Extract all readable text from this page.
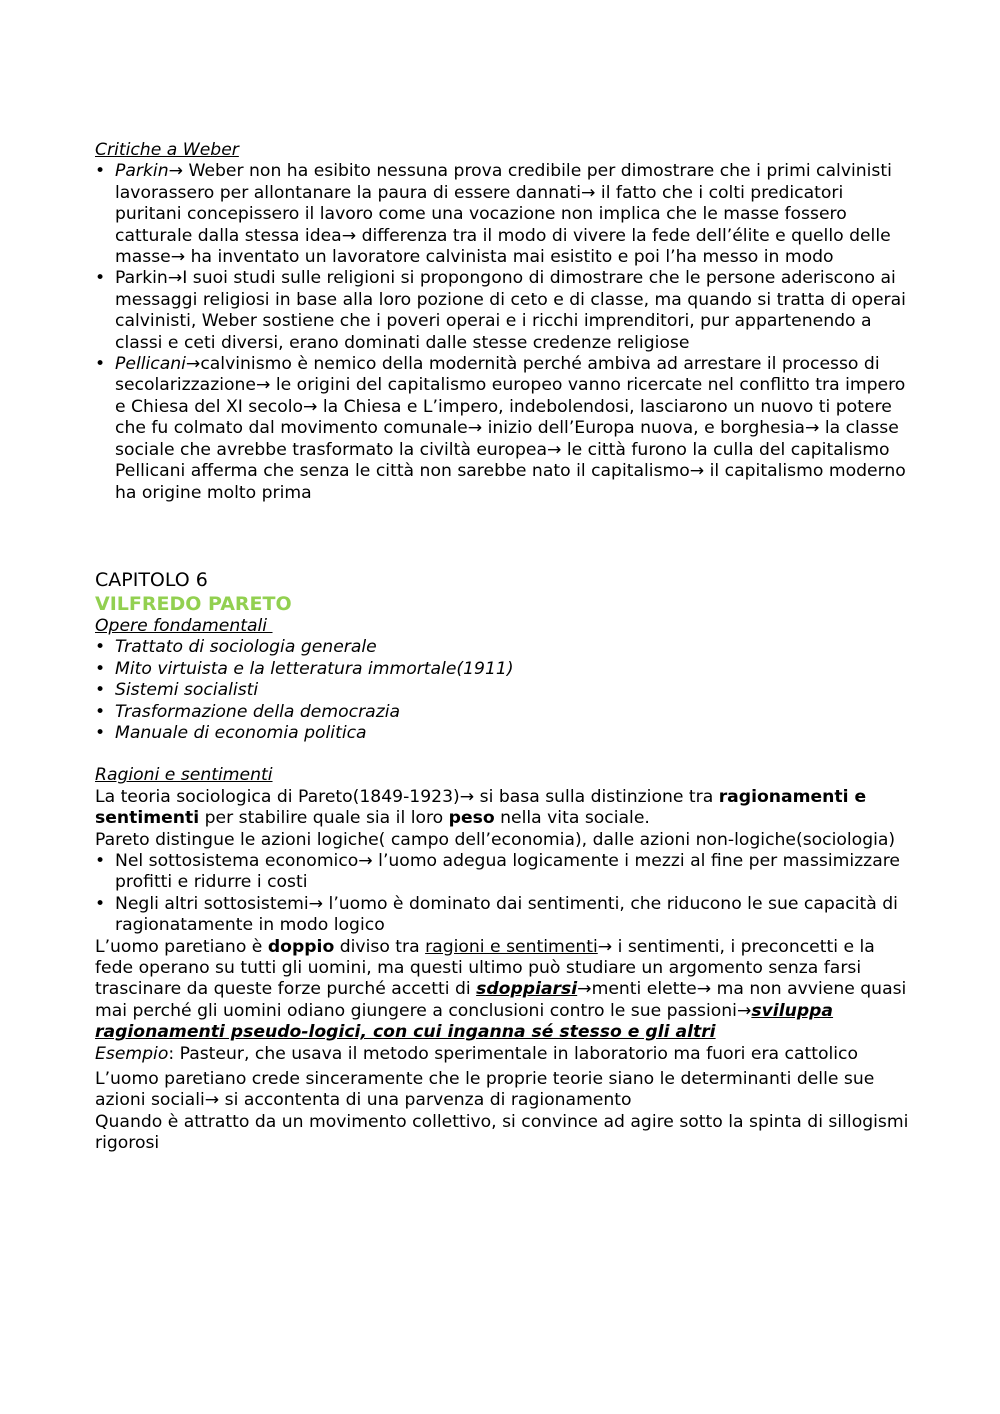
Critiche a Weber
• Parkin→ Weber non ha esibito nessuna prova credibile per dimostrare che i primi calvinisti lavorassero per allontanare la paura di essere dannati→ il fatto che i colti predicatori puritani concepissero il lavoro come una vocazione non implica che le masse fossero catturale dalla stessa idea→ differenza tra il modo di vivere la fede dell’élite e quello delle masse→ ha inventato un lavoratore calvinista mai esistito e poi l’ha messo in modo
• Parkin→I suoi studi sulle religioni si propongono di dimostrare che le persone aderiscono ai messaggi religiosi in base alla loro pozione di ceto e di classe, ma quando si tratta di operai calvinisti, Weber sostiene che i poveri operai e i ricchi imprenditori, pur appartenendo a classi e ceti diversi, erano dominati dalle stesse credenze religiose
• Pellicani→calvinismo è nemico della modernità perché ambiva ad arrestare il processo di secolarizzazione→ le origini del capitalismo europeo vanno ricercate nel conflitto tra impero e Chiesa del XI secolo→ la Chiesa e L’impero, indebolendosi, lasciarono un nuovo ti potere che fu colmato dal movimento comunale→ inizio dell’Europa nuova, e borghesia→ la classe sociale che avrebbe trasformato la civiltà europea→ le città furono la culla del capitalismo

Pellicani afferma che senza le città non sarebbe nato il capitalismo→ il capitalismo moderno ha origine molto prima

CAPITOLO 6
VILFREDO PARETO
Opere fondamentali
• Trattato di sociologia generale
• Mito virtuista e la letteratura immortale(1911)
• Sistemi socialisti
• Trasformazione della democrazia
• Manuale di economia politica
Ragioni e sentimenti

La teoria sociologica di Pareto(1849-1923)→ si basa sulla distinzione tra ragionamenti e sentimenti per stabilire quale sia il loro peso nella vita sociale.

Pareto distingue le azioni logiche( campo dell’economia), dalle azioni non-logiche(sociologia)

• Nel sottosistema economico→ l’uomo adegua logicamente i mezzi al fine per massimizzare profitti e ridurre i costi
• Negli altri sottosistemi→ l’uomo è dominato dai sentimenti, che riducono le sue capacità di ragionatamente in modo logico

L’uomo paretiano è doppio diviso tra ragioni e sentimenti→ i sentimenti, i preconcetti e la fede operano su tutti gli uomini, ma questi ultimo può studiare un argomento senza farsi trascinare da queste forze purché accetti di sdoppiarsi→menti elette→ ma non avviene quasi mai perché gli uomini odiano giungere a conclusioni contro le sue passioni→sviluppa ragionamenti pseudo-logici, con cui inganna sé stesso e gli altri

Esempio: Pasteur, che usava il metodo sperimentale in laboratorio ma fuori era cattolico

L’uomo paretiano crede sinceramente che le proprie teorie siano le determinanti delle sue azioni sociali→ si accontenta di una parvenza di ragionamento

Quando è attratto da un movimento collettivo, si convince ad agire sotto la spinta di sillogismi rigorosi
